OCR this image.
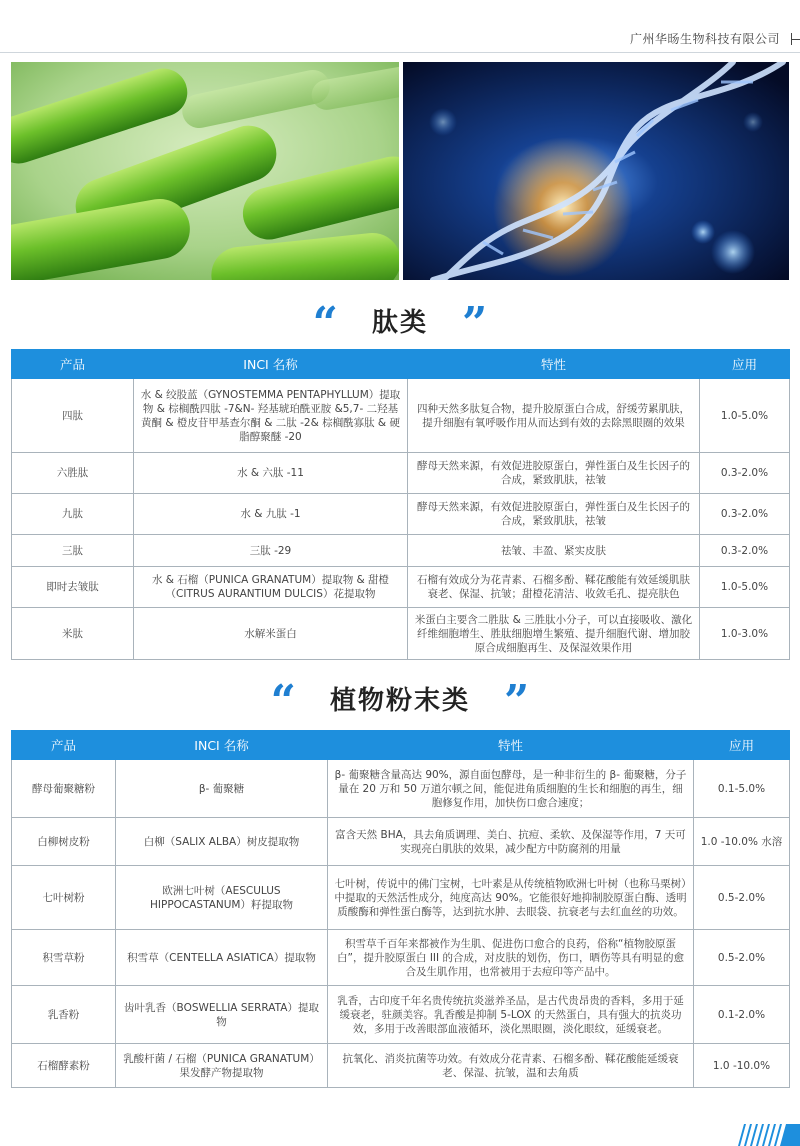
广州华旸生物科技有限公司
“ 肽类 ”
产品	INCI 名称	特性	应用
四肽	水 & 绞股蓝（GYNOSTEMMA PENTAPHYLLUM）提取物 & 棕榈酰四肽 -7&N- 羟基琥珀酰亚胺 &5,7- 二羟基黄酮 & 橙皮苷甲基查尔酮 & 二肽 -2& 棕榈酰寡肽 & 硬脂醇聚醚 -20	四种天然多肽复合物，提升胶原蛋白合成，舒缓劳累肌肤，提升细胞有氧呼吸作用从而达到有效的去除黑眼圈的效果	1.0-5.0%
六胜肽	水 & 六肽 -11	酵母天然来源，有效促进胶原蛋白，弹性蛋白及生长因子的合成，紧致肌肤，祛皱	0.3-2.0%
九肽	水 & 九肽 -1	酵母天然来源，有效促进胶原蛋白，弹性蛋白及生长因子的合成，紧致肌肤，祛皱	0.3-2.0%
三肽	三肽 -29	祛皱、丰盈、紧实皮肤	0.3-2.0%
即时去皱肽	水 & 石榴（PUNICA GRANATUM）提取物 & 甜橙（CITRUS AURANTIUM DULCIS）花提取物	石榴有效成分为花青素、石榴多酚、鞣花酸能有效延缓肌肤衰老、保湿、抗皱；甜橙花清洁、收敛毛孔、提亮肤色	1.0-5.0%
米肽	水解米蛋白	米蛋白主要含二胜肽 & 三胜肽小分子，可以直接吸收、激化纤维细胞增生、胜肽细胞增生繁殖、提升细胞代谢、增加胶原合成细胞再生、及保湿效果作用	1.0-3.0%
“ 植物粉末类 ”
产品	INCI 名称	特性	应用
酵母葡聚糖粉	β- 葡聚糖	β- 葡聚糖含量高达 90%，源自面包酵母，是一种非衍生的 β- 葡聚糖，分子量在 20 万和 50 万道尔顿之间，能促进角质细胞的生长和细胞的再生，细胞修复作用，加快伤口愈合速度；	0.1-5.0%
白柳树皮粉	白柳（SALIX ALBA）树皮提取物	富含天然 BHA，具去角质调理、美白、抗痘、柔软、及保湿等作用，7 天可实现亮白肌肤的效果，减少配方中防腐剂的用量	1.0 -10.0% 水溶
七叶树粉	欧洲七叶树（AESCULUS HIPPOCASTANUM）籽提取物	七叶树，传说中的佛门宝树，七叶素是从传统植物欧洲七叶树（也称马栗树）中提取的天然活性成分，纯度高达 90%。它能很好地抑制胶原蛋白酶、透明质酸酶和弹性蛋白酶等，达到抗水肿、去眼袋、抗衰老与去红血丝的功效。	0.5-2.0%
积雪草粉	积雪草（CENTELLA ASIATICA）提取物	积雪草千百年来都被作为生肌、促进伤口愈合的良药，俗称“植物胶原蛋白”，提升胶原蛋白 III 的合成，对皮肤的划伤，伤口，晒伤等具有明显的愈合及生肌作用，也常被用于去痘印等产品中。	0.5-2.0%
乳香粉	齿叶乳香（BOSWELLIA SERRATA）提取物	乳香，古印度千年名贵传统抗炎滋养圣品，是古代贵昂贵的香料，多用于延缓衰老，驻颜美容。乳香酸是抑制 5-LOX 的天然蛋白，具有强大的抗炎功效，多用于改善眼部血液循环，淡化黑眼圈，淡化眼纹，延缓衰老。	0.1-2.0%
石榴酵素粉	乳酸杆菌 / 石榴（PUNICA GRANATUM）果发酵产物提取物	抗氧化、消炎抗菌等功效。有效成分花青素、石榴多酚、鞣花酸能延缓衰老、保湿、抗皱，温和去角质	1.0 -10.0%
